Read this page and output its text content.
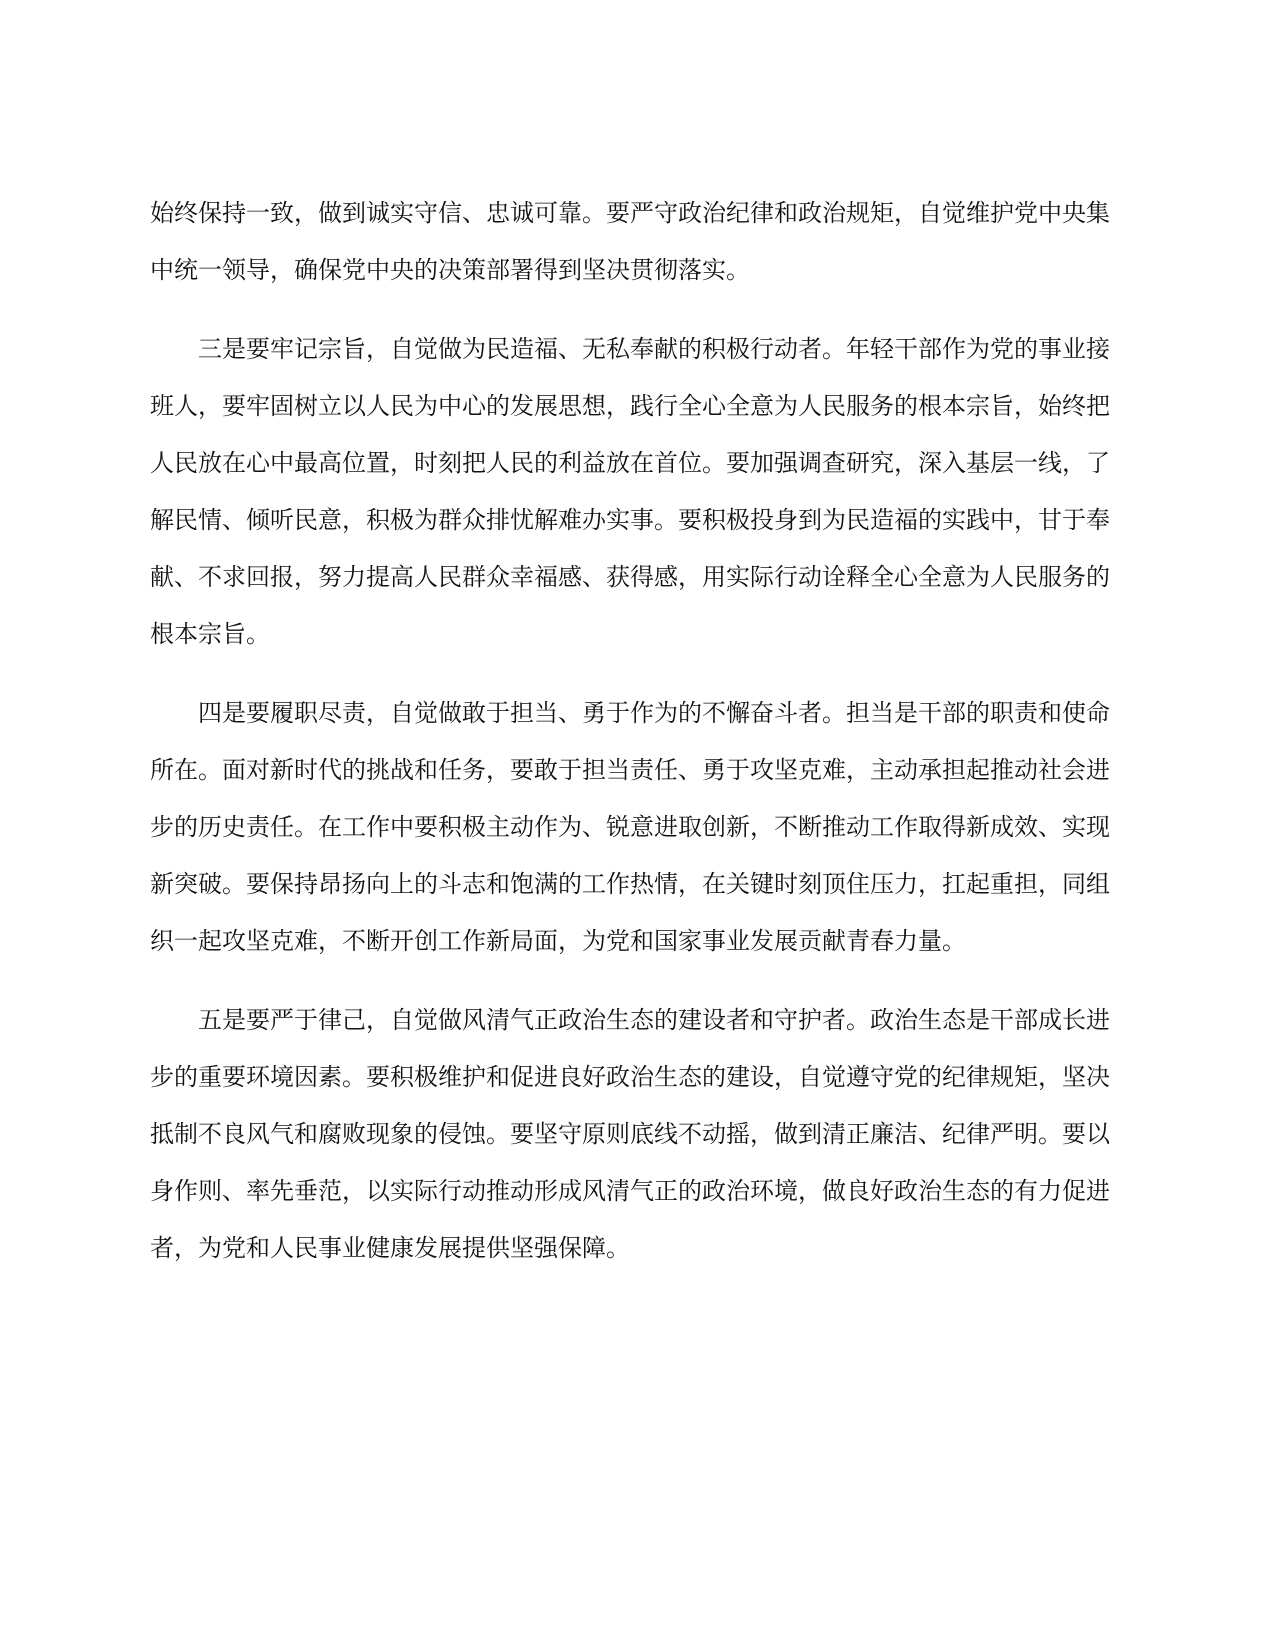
始终保持一致，做到诚实守信、忠诚可靠。要严守政治纪律和政治规矩，自觉维护党中央集中统一领导，确保党中央的决策部署得到坚决贯彻落实。

三是要牢记宗旨，自觉做为民造福、无私奉献的积极行动者。年轻干部作为党的事业接班人，要牢固树立以人民为中心的发展思想，践行全心全意为人民服务的根本宗旨，始终把人民放在心中最高位置，时刻把人民的利益放在首位。要加强调查研究，深入基层一线，了解民情、倾听民意，积极为群众排忧解难办实事。要积极投身到为民造福的实践中，甘于奉献、不求回报，努力提高人民群众幸福感、获得感，用实际行动诠释全心全意为人民服务的根本宗旨。

四是要履职尽责，自觉做敢于担当、勇于作为的不懈奋斗者。担当是干部的职责和使命所在。面对新时代的挑战和任务，要敢于担当责任、勇于攻坚克难，主动承担起推动社会进步的历史责任。在工作中要积极主动作为、锐意进取创新，不断推动工作取得新成效、实现新突破。要保持昂扬向上的斗志和饱满的工作热情，在关键时刻顶住压力，扛起重担，同组织一起攻坚克难，不断开创工作新局面，为党和国家事业发展贡献青春力量。

五是要严于律己，自觉做风清气正政治生态的建设者和守护者。政治生态是干部成长进步的重要环境因素。要积极维护和促进良好政治生态的建设，自觉遵守党的纪律规矩，坚决抵制不良风气和腐败现象的侵蚀。要坚守原则底线不动摇，做到清正廉洁、纪律严明。要以身作则、率先垂范，以实际行动推动形成风清气正的政治环境，做良好政治生态的有力促进者，为党和人民事业健康发展提供坚强保障。
